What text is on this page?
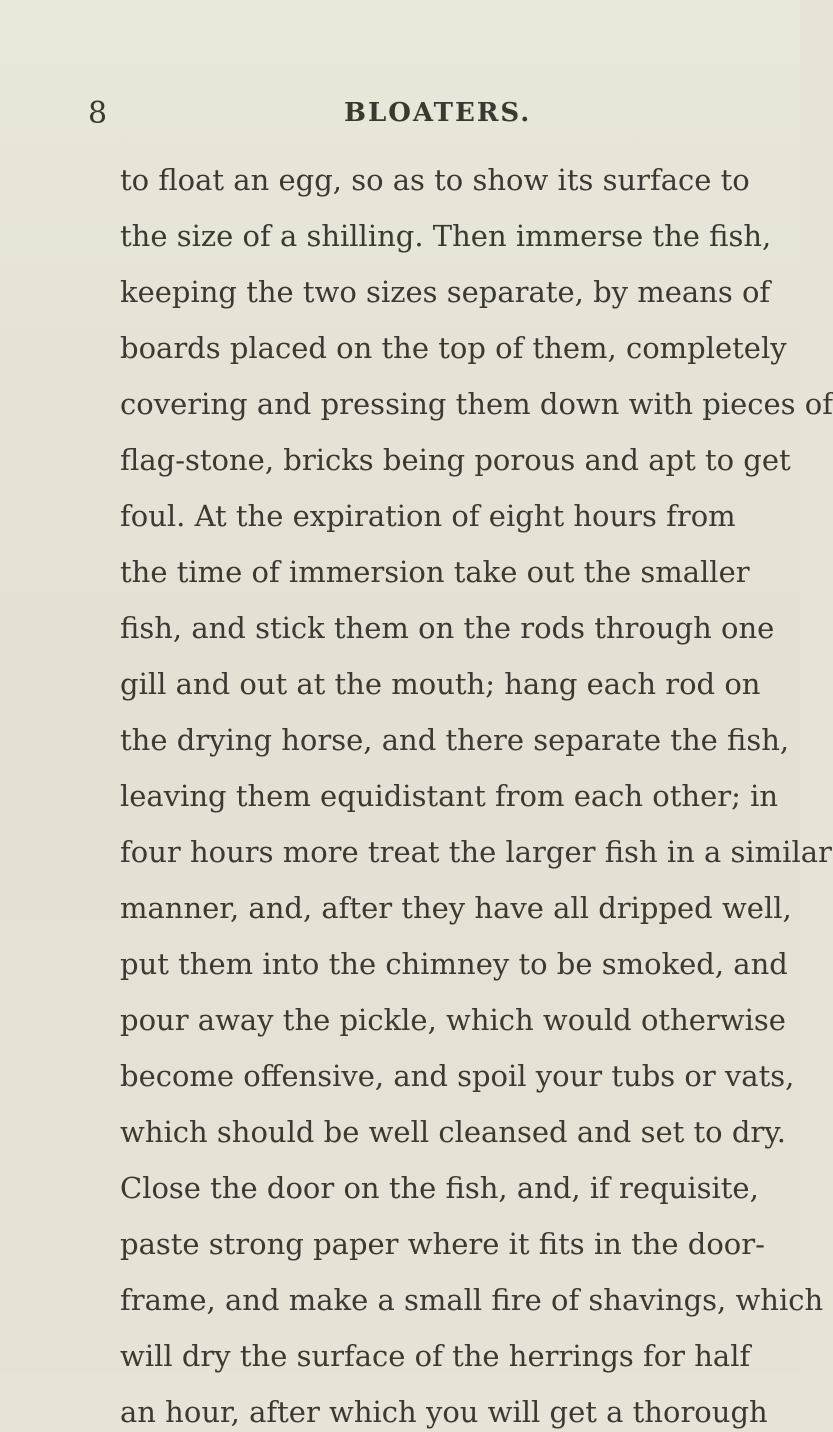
8	BLOATERS.
to float an egg, so as to show its surface to
the size of a shilling. Then immerse the fish,
keeping the two sizes separate, by means of
boards placed on the top of them, completely
covering and pressing them down with pieces of
flag-stone, bricks being porous and apt to get
foul. At the expiration of eight hours from
the time of immersion take out the smaller
fish, and stick them on the rods through one
gill and out at the mouth; hang each rod on
the drying horse, and there separate the fish,
leaving them equidistant from each other; in
four hours more treat the larger fish in a similar
manner, and, after they have all dripped well,
put them into the chimney to be smoked, and
pour away the pickle, which would otherwise
become offensive, and spoil your tubs or vats,
which should be well cleansed and set to dry.
Close the door on the fish, and, if requisite,
paste strong paper where it fits in the door-
frame, and make a small fire of shavings, which
will dry the surface of the herrings for half
an hour, after which you will get a thorough
